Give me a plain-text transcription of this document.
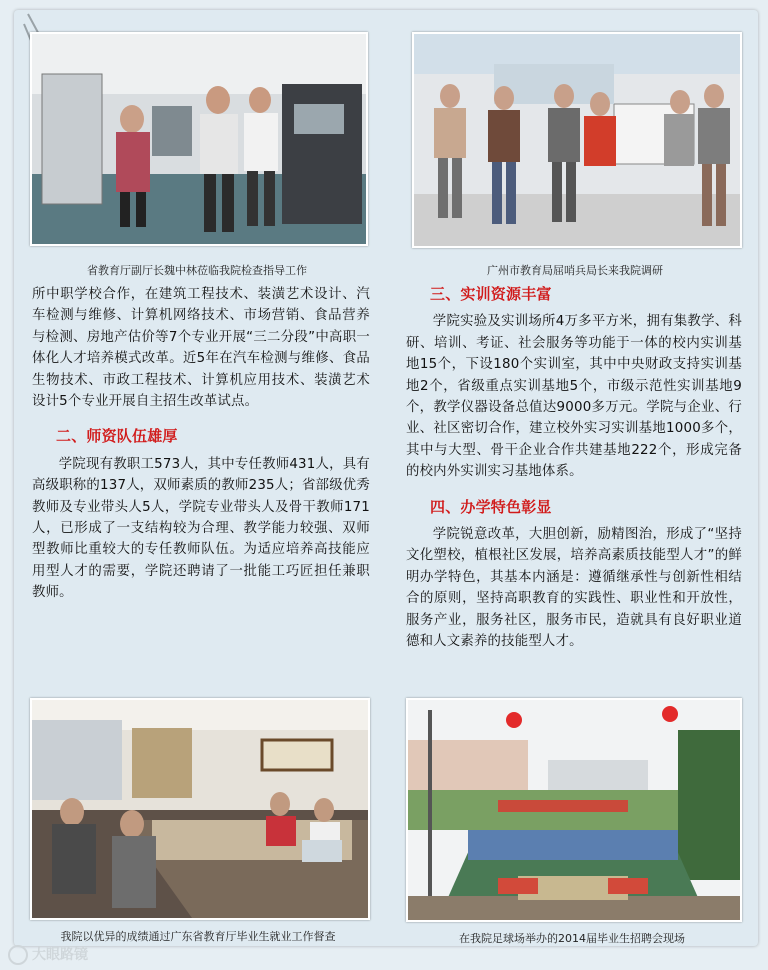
省教育厅副厅长魏中林莅临我院检查指导工作	广州市教育局屈哨兵局长来我院调研

所中职学校合作，在建筑工程技术、装潢艺术设计、汽车检测与维修、计算机网络技术、市场营销、食品营养与检测、房地产估价等7个专业开展“三二分段”中高职一体化人才培养模式改革。近5年在汽车检测与维修、食品生物技术、市政工程技术、计算机应用技术、装潢艺术设计5个专业开展自主招生改革试点。

二、师资队伍雄厚

学院现有教职工573人，其中专任教师431人，具有高级职称的137人，双师素质的教师235人；省部级优秀教师及专业带头人5人，学院专业带头人及骨干教师171人，已形成了一支结构较为合理、教学能力较强、双师型教师比重较大的专任教师队伍。为适应培养高技能应用型人才的需要，学院还聘请了一批能工巧匠担任兼职教师。

三、实训资源丰富

学院实验及实训场所4万多平方米，拥有集教学、科研、培训、考证、社会服务等功能于一体的校内实训基地15个，下设180个实训室，其中中央财政支持实训基地2个，省级重点实训基地5个，市级示范性实训基地9个，教学仪器设备总值达9000多万元。学院与企业、行业、社区密切合作，建立校外实习实训基地1000多个，其中与大型、骨干企业合作共建基地222个，形成完备的校内外实训实习基地体系。

四、办学特色彰显

学院锐意改革，大胆创新，励精图治，形成了“坚持文化塑校，植根社区发展，培养高素质技能型人才”的鲜明办学特色，其基本内涵是：遵循继承性与创新性相结合的原则，坚持高职教育的实践性、职业性和开放性，服务产业，服务社区，服务市民，造就具有良好职业道德和人文素养的技能型人才。

我院以优异的成绩通过广东省教育厅毕业生就业工作督查	在我院足球场举办的2014届毕业生招聘会现场
大眼路镜
